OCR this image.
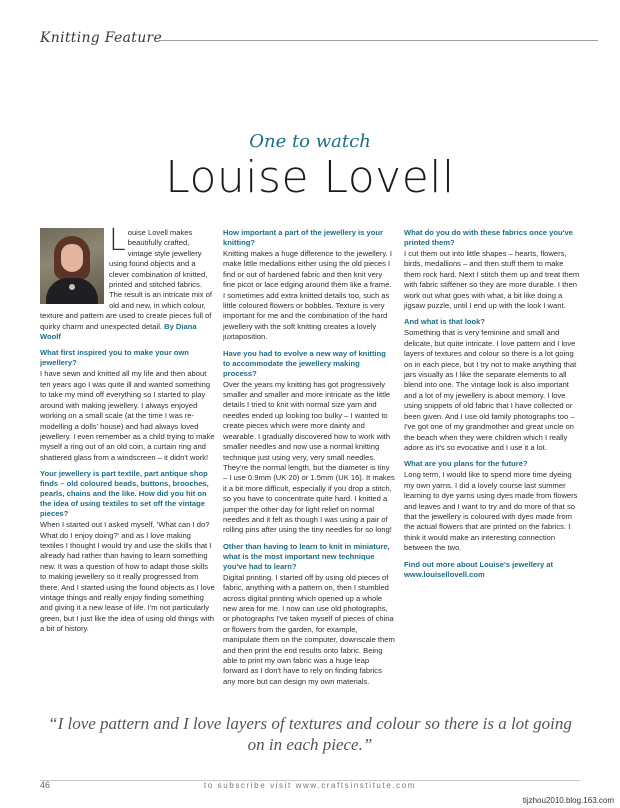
Knitting Feature
One to watch
Louise Lovell

Louise Lovell makes beautifully crafted, vintage style jewellery using found objects and a clever combination of knitted, printed and stitched fabrics. The result is an intricate mix of old and new, in which colour, texture and pattern are used to create pieces full of quirky charm and unexpected detail. By Diana Woolf

What first inspired you to make your own jewellery?

I have sewn and knitted all my life and then about ten years ago I was quite ill and wanted something to take my mind off everything so I started to play around with making jewellery. I always enjoyed working on a small scale (at the time I was re-modelling a dolls' house) and had always loved jewellery. I even remember as a child trying to make myself a ring out of an old coin, a curtain ring and shattered glass from a windscreen – it didn't work!

Your jewellery is part textile, part antique shop finds – old coloured beads, buttons, brooches, pearls, chains and the like. How did you hit on the idea of using textiles to set off the vintage pieces?

When I started out I asked myself, 'What can I do? What do I enjoy doing?' and as I love making textiles I thought I would try and use the skills that I already had rather than having to learn something new. It was a question of how to adapt those skills to making jewellery so it really progressed from there. And I started using the found objects as I love vintage things and really enjoy finding something and giving it a new lease of life. I'm not particularly green, but I just like the idea of using old things with a bit of history.

How important a part of the jewellery is your knitting?

Knitting makes a huge difference to the jewellery. I make little medallions either using the old pieces I find or out of hardened fabric and then knit very fine picot or lace edging around them like a frame. I sometimes add extra knitted details too, such as little coloured flowers or bobbles. Texture is very important for me and the combination of the hard jewellery with the soft knitting creates a lovely juxtaposition.

Have you had to evolve a new way of knitting to accommodate the jewellery making process?

Over the years my knitting has got progressively smaller and smaller and more intricate as the little details I tried to knit with normal size yarn and needles ended up looking too bulky – I wanted to create pieces which were more dainty and wearable. I gradually discovered how to work with smaller needles and now use a normal knitting technique just using very, very small needles. They're the normal length, but the diameter is tiny – I use 0.9mm (UK 20) or 1.5mm (UK 16). It makes it a bit more difficult, especially if you drop a stitch, so you have to concentrate quite hard. I knitted a jumper the other day for light relief on normal needles and it felt as though I was using a pair of rolling pins after using the tiny needles for so long!

Other than having to learn to knit in miniature, what is the most important new technique you've had to learn?

Digital printing. I started off by using old pieces of fabric, anything with a pattern on, then I stumbled across digital printing which opened up a whole new area for me. I now can use old photographs, or photographs I've taken myself of pieces of china or flowers from the garden, for example, manipulate them on the computer, downscale them and then print the end results onto fabric. Being able to print my own fabric was a huge leap forward as I don't have to rely on finding fabrics any more but can design my own materials.

What do you do with these fabrics once you've printed them?

I cut them out into little shapes – hearts, flowers, birds, medallions – and then stuff them to make them rock hard. Next I stitch them up and treat them with fabric stiffener so they are more durable. I then work out what goes with what, a bit like doing a jigsaw puzzle, until I end up with the look I want.

And what is that look?

Something that is very feminine and small and delicate, but quite intricate. I love pattern and I love layers of textures and colour so there is a lot going on in each piece, but I try not to make anything that jars visually as I like the separate elements to all blend into one. The vintage look is also important and a lot of my jewellery is about memory. I love using snippets of old fabric that I have collected or been given. And I use old family photographs too – I've got one of my grandmother and great uncle on the beach when they were children which I really adore as it's so evocative and I use it a lot.

What are you plans for the future?

Long term, I would like to spend more time dyeing my own yarns. I did a lovely course last summer learning to dye yarns using dyes made from flowers and leaves and I want to try and do more of that so that the jewellery is coloured with dyes made from the actual flowers that are printed on the fabrics. I think it would make an interesting connection between the two.

Find out more about Louise's jewellery at
www.louisellovell.com

“I love pattern and I love layers of textures and colour so there is a lot going on in each piece.”
46	to subscribe visit www.craftsinstitute.com
tijzhou2010.blog.163.com
